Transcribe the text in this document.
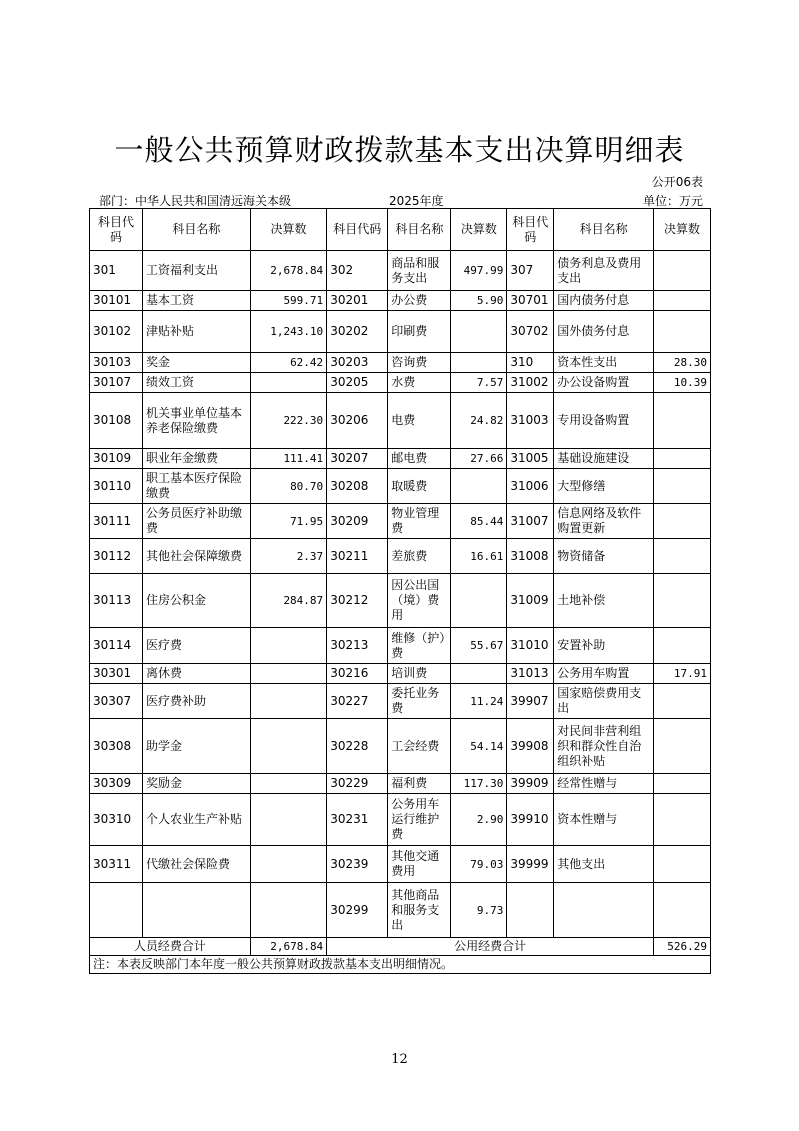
一般公共预算财政拨款基本支出决算明细表
公开06表
部门：中华人民共和国清远海关本级	2025年度	单位：万元
科目代码	科目名称	决算数	科目代码	科目名称	决算数	科目代码	科目名称	决算数
301	工资福利支出	2,678.84	302	商品和服务支出	497.99	307	债务利息及费用支出	
30101	基本工资	599.71	30201	办公费	5.90	30701	国内债务付息	
30102	津贴补贴	1,243.10	30202	印刷费		30702	国外债务付息	
30103	奖金	62.42	30203	咨询费		310	资本性支出	28.30
30107	绩效工资		30205	水费	7.57	31002	办公设备购置	10.39
30108	机关事业单位基本养老保险缴费	222.30	30206	电费	24.82	31003	专用设备购置	
30109	职业年金缴费	111.41	30207	邮电费	27.66	31005	基础设施建设	
30110	职工基本医疗保险缴费	80.70	30208	取暖费		31006	大型修缮	
30111	公务员医疗补助缴费	71.95	30209	物业管理费	85.44	31007	信息网络及软件购置更新	
30112	其他社会保障缴费	2.37	30211	差旅费	16.61	31008	物资储备	
30113	住房公积金	284.87	30212	因公出国（境）费用		31009	土地补偿	
30114	医疗费		30213	维修（护）费	55.67	31010	安置补助	
30301	离休费		30216	培训费		31013	公务用车购置	17.91
30307	医疗费补助		30227	委托业务费	11.24	39907	国家赔偿费用支出	
30308	助学金		30228	工会经费	54.14	39908	对民间非营利组织和群众性自治组织补贴	
30309	奖励金		30229	福利费	117.30	39909	经常性赠与	
30310	个人农业生产补贴		30231	公务用车运行维护费	2.90	39910	资本性赠与	
30311	代缴社会保险费		30239	其他交通费用	79.03	39999	其他支出	
			30299	其他商品和服务支出	9.73			
人员经费合计		2,678.84	公用经费合计					526.29
注：本表反映部门本年度一般公共预算财政拨款基本支出明细情况。								
12
